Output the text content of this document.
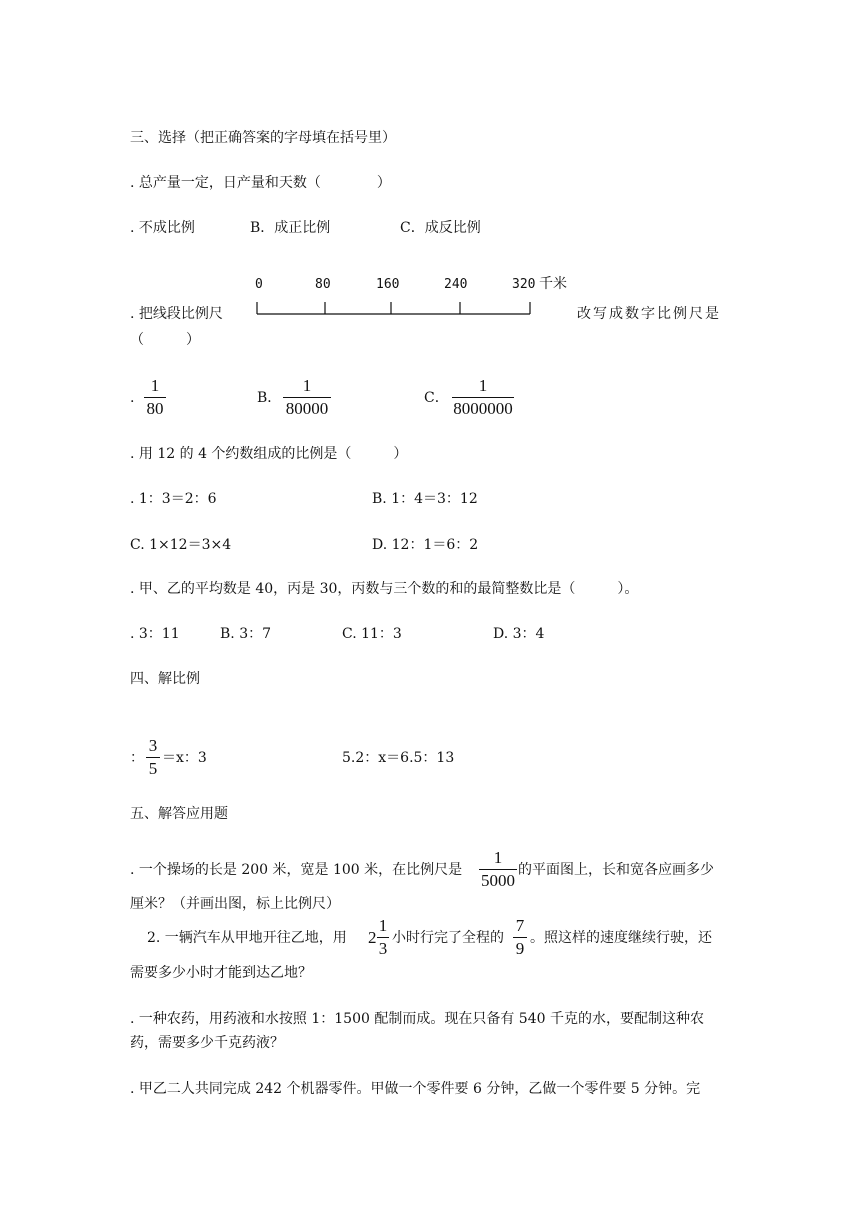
三、选择（把正确答案的字母填在括号里）
. 总产量一定，日产量和天数（　　　　）
. 不成比例	B．成正比例	C．成反比例
. 把线段比例尺
0	80	160	240	320 千米
改写成数字比例尺是
（　　　）
.
1
80
B．
1
80000
C．
1
8000000
. 用 12 的 4 个约数组成的比例是（　　　）
. 1：3＝2：6	B. 1：4＝3：12
C. 1×12＝3×4	D. 12：1＝6：2
. 甲、乙的平均数是 40，丙是 30，丙数与三个数的和的最简整数比是（　　　）。
. 3：11	B. 3：7	C. 11：3	D. 3：4
四、解比例
：
3
5
＝x：3	5.2：x＝6.5：13
五、解答应用题
. 一个操场的长是 200 米，宽是 100 米，在比例尺是
1
5000
的平面图上，长和宽各应画多少
厘米？（并画出图，标上比例尺）
2. 一辆汽车从甲地开往乙地，用 2
1
3
小时行完了全程的
7
9
。照这样的速度继续行驶，还
需要多少小时才能到达乙地？
. 一种农药，用药液和水按照 1：1500 配制而成。现在只备有 540 千克的水，要配制这种农
药，需要多少千克药液？
. 甲乙二人共同完成 242 个机器零件。甲做一个零件要 6 分钟，乙做一个零件要 5 分钟。完
